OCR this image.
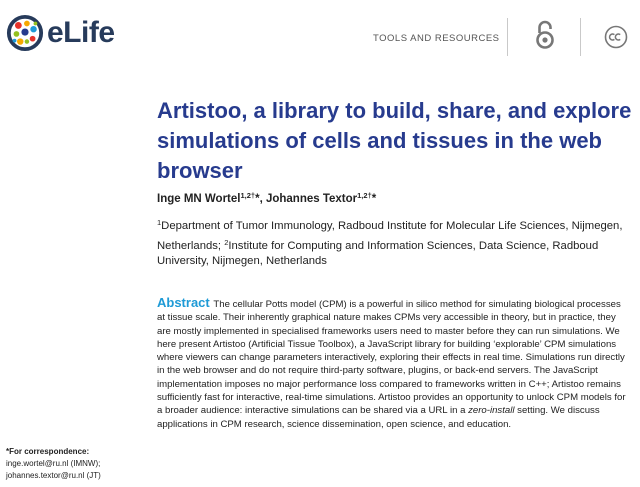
eLife	TOOLS AND RESOURCES
Artistoo, a library to build, share, and explore simulations of cells and tissues in the web browser
Inge MN Wortel$^{1,2\dagger}$*, Johannes Textor$^{1,2\dagger}$*
$^1$Department of Tumor Immunology, Radboud Institute for Molecular Life Sciences, Nijmegen, Netherlands; $^2$Institute for Computing and Information Sciences, Data Science, Radboud University, Nijmegen, Netherlands
Abstract The cellular Potts model (CPM) is a powerful in silico method for simulating biological processes at tissue scale. Their inherently graphical nature makes CPMs very accessible in theory, but in practice, they are mostly implemented in specialised frameworks users need to master before they can run simulations. We here present Artistoo (Artificial Tissue Toolbox), a JavaScript library for building ‘explorable’ CPM simulations where viewers can change parameters interactively, exploring their effects in real time. Simulations run directly in the web browser and do not require third-party software, plugins, or back-end servers. The JavaScript implementation imposes no major performance loss compared to frameworks written in C++; Artistoo remains sufficiently fast for interactive, real-time simulations. Artistoo provides an opportunity to unlock CPM models for a broader audience: interactive simulations can be shared via a URL in a zero-install setting. We discuss applications in CPM research, science dissemination, open science, and education.
*For correspondence:
inge.wortel@ru.nl (IMNW);
johannes.textor@ru.nl (JT)
